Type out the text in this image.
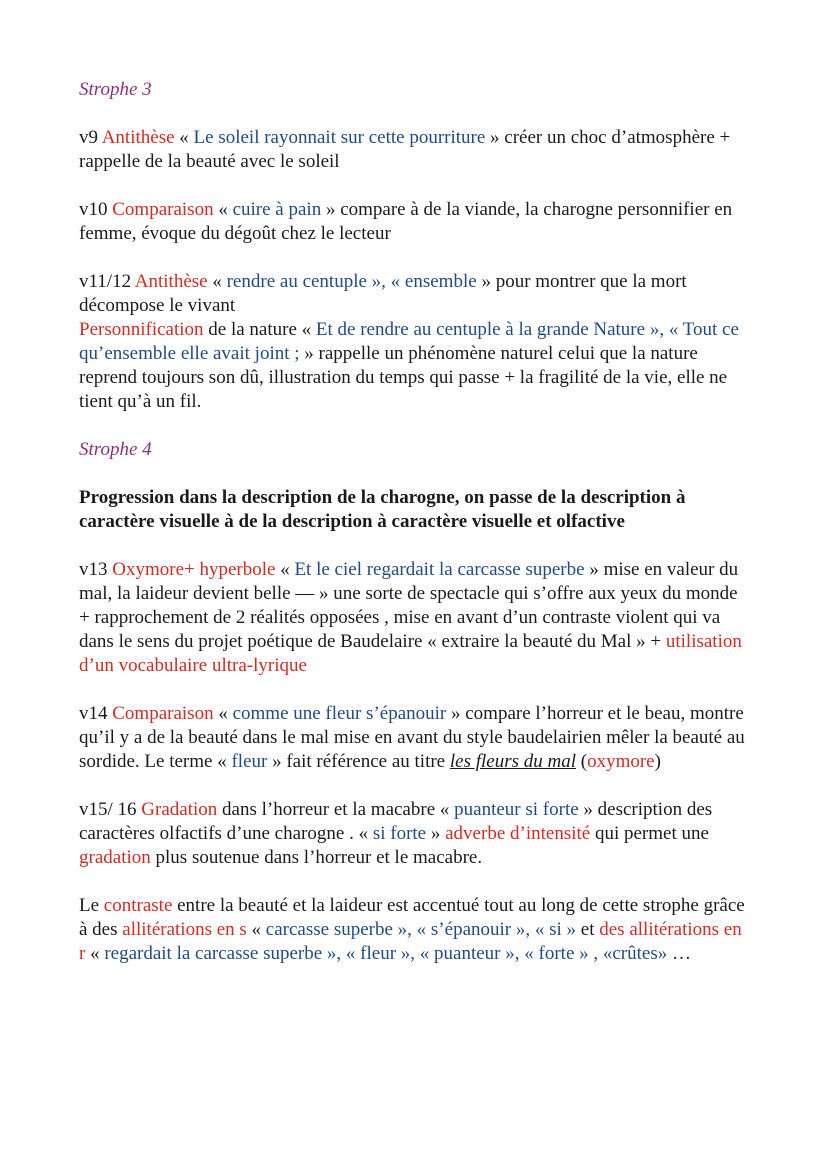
Strophe 3

v9 Antithèse « Le soleil rayonnait sur cette pourriture » créer un choc d’atmosphère + rappelle de la beauté avec le soleil

v10 Comparaison « cuire à pain » compare à de la viande, la charogne personnifier en femme, évoque du dégoût chez le lecteur

v11/12 Antithèse « rendre au centuple », « ensemble » pour montrer que la mort décompose le vivant

Personnification de la nature « Et de rendre au centuple à la grande Nature », « Tout ce qu’ensemble elle avait joint ; » rappelle un phénomène naturel celui que la nature reprend toujours son dû, illustration du temps qui passe + la fragilité de la vie, elle ne tient qu’à un fil.

Strophe 4

Progression dans la description de la charogne, on passe de la description à caractère visuelle à de la description à caractère visuelle et olfactive

v13 Oxymore+ hyperbole « Et le ciel regardait la carcasse superbe » mise en valeur du mal, la laideur devient belle — » une sorte de spectacle qui s’offre aux yeux du monde + rapprochement de 2 réalités opposées , mise en avant d’un contraste violent qui va dans le sens du projet poétique de Baudelaire « extraire la beauté du Mal » + utilisation d’un vocabulaire ultra-lyrique

v14 Comparaison « comme une fleur s’épanouir » compare l’horreur et le beau, montre qu’il y a de la beauté dans le mal mise en avant du style baudelairien mêler la beauté au sordide. Le terme « fleur » fait référence au titre les fleurs du mal (oxymore)

v15/ 16 Gradation dans l’horreur et la macabre « puanteur si forte » description des caractères olfactifs d’une charogne . « si forte » adverbe d’intensité qui permet une gradation plus soutenue dans l’horreur et le macabre.

Le contraste entre la beauté et la laideur est accentué tout au long de cette strophe grâce à des allitérations en s « carcasse superbe », « s’épanouir », « si » et des allitérations en r « regardait la carcasse superbe », « fleur », « puanteur », « forte » , «crûtes» …
